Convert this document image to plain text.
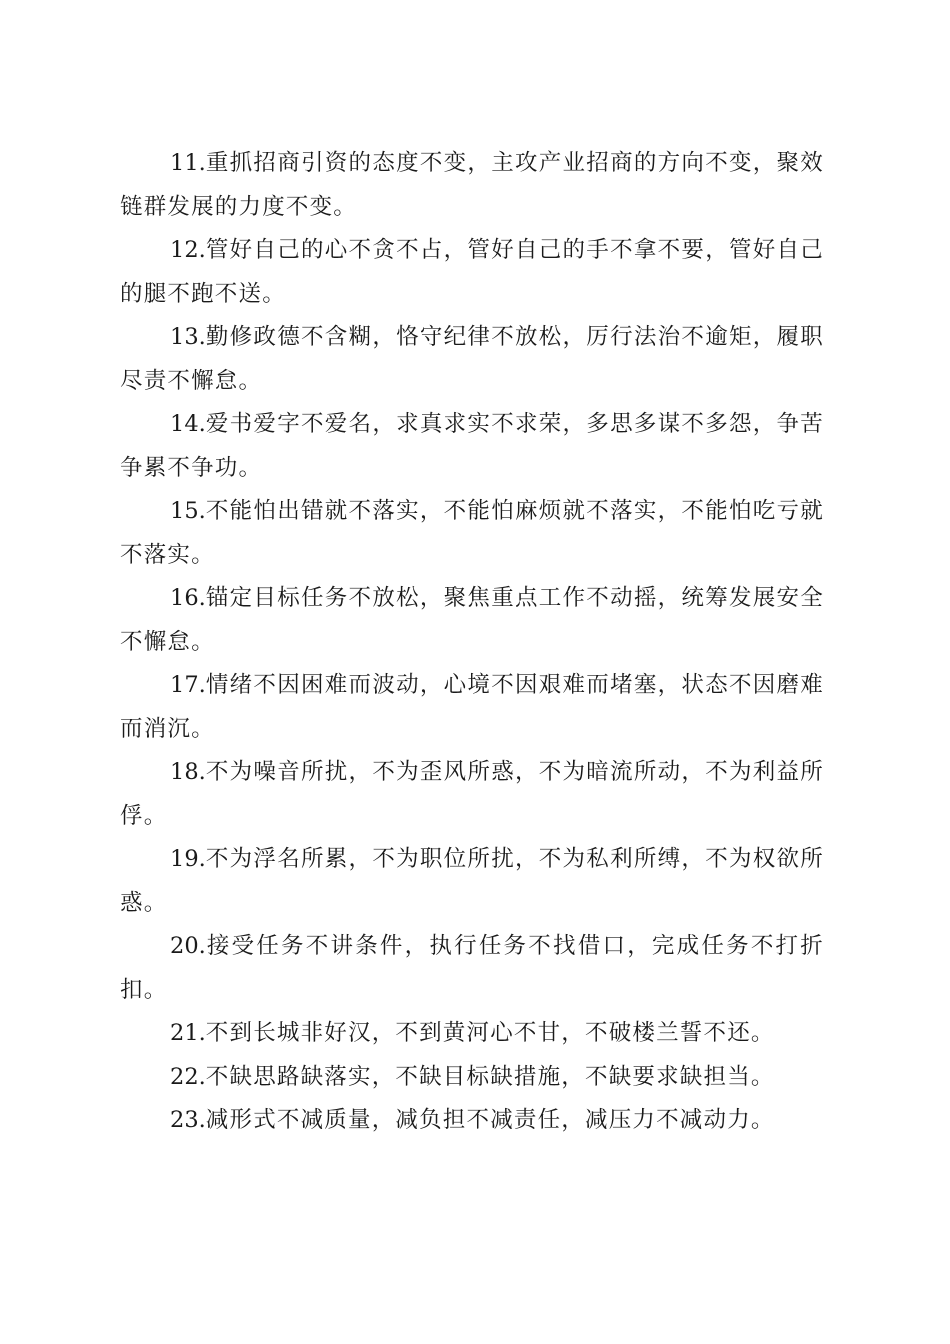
11.重抓招商引资的态度不变，主攻产业招商的方向不变，聚效链群发展的力度不变。

12.管好自己的心不贪不占，管好自己的手不拿不要，管好自己的腿不跑不送。

13.勤修政德不含糊，恪守纪律不放松，厉行法治不逾矩，履职尽责不懈怠。

14.爱书爱字不爱名，求真求实不求荣，多思多谋不多怨，争苦争累不争功。

15.不能怕出错就不落实，不能怕麻烦就不落实，不能怕吃亏就不落实。

16.锚定目标任务不放松，聚焦重点工作不动摇，统筹发展安全不懈怠。

17.情绪不因困难而波动，心境不因艰难而堵塞，状态不因磨难而消沉。

18.不为噪音所扰，不为歪风所惑，不为暗流所动，不为利益所俘。

19.不为浮名所累，不为职位所扰，不为私利所缚，不为权欲所惑。

20.接受任务不讲条件，执行任务不找借口，完成任务不打折扣。

21.不到长城非好汉，不到黄河心不甘，不破楼兰誓不还。

22.不缺思路缺落实，不缺目标缺措施，不缺要求缺担当。

23.减形式不减质量，减负担不减责任，减压力不减动力。
